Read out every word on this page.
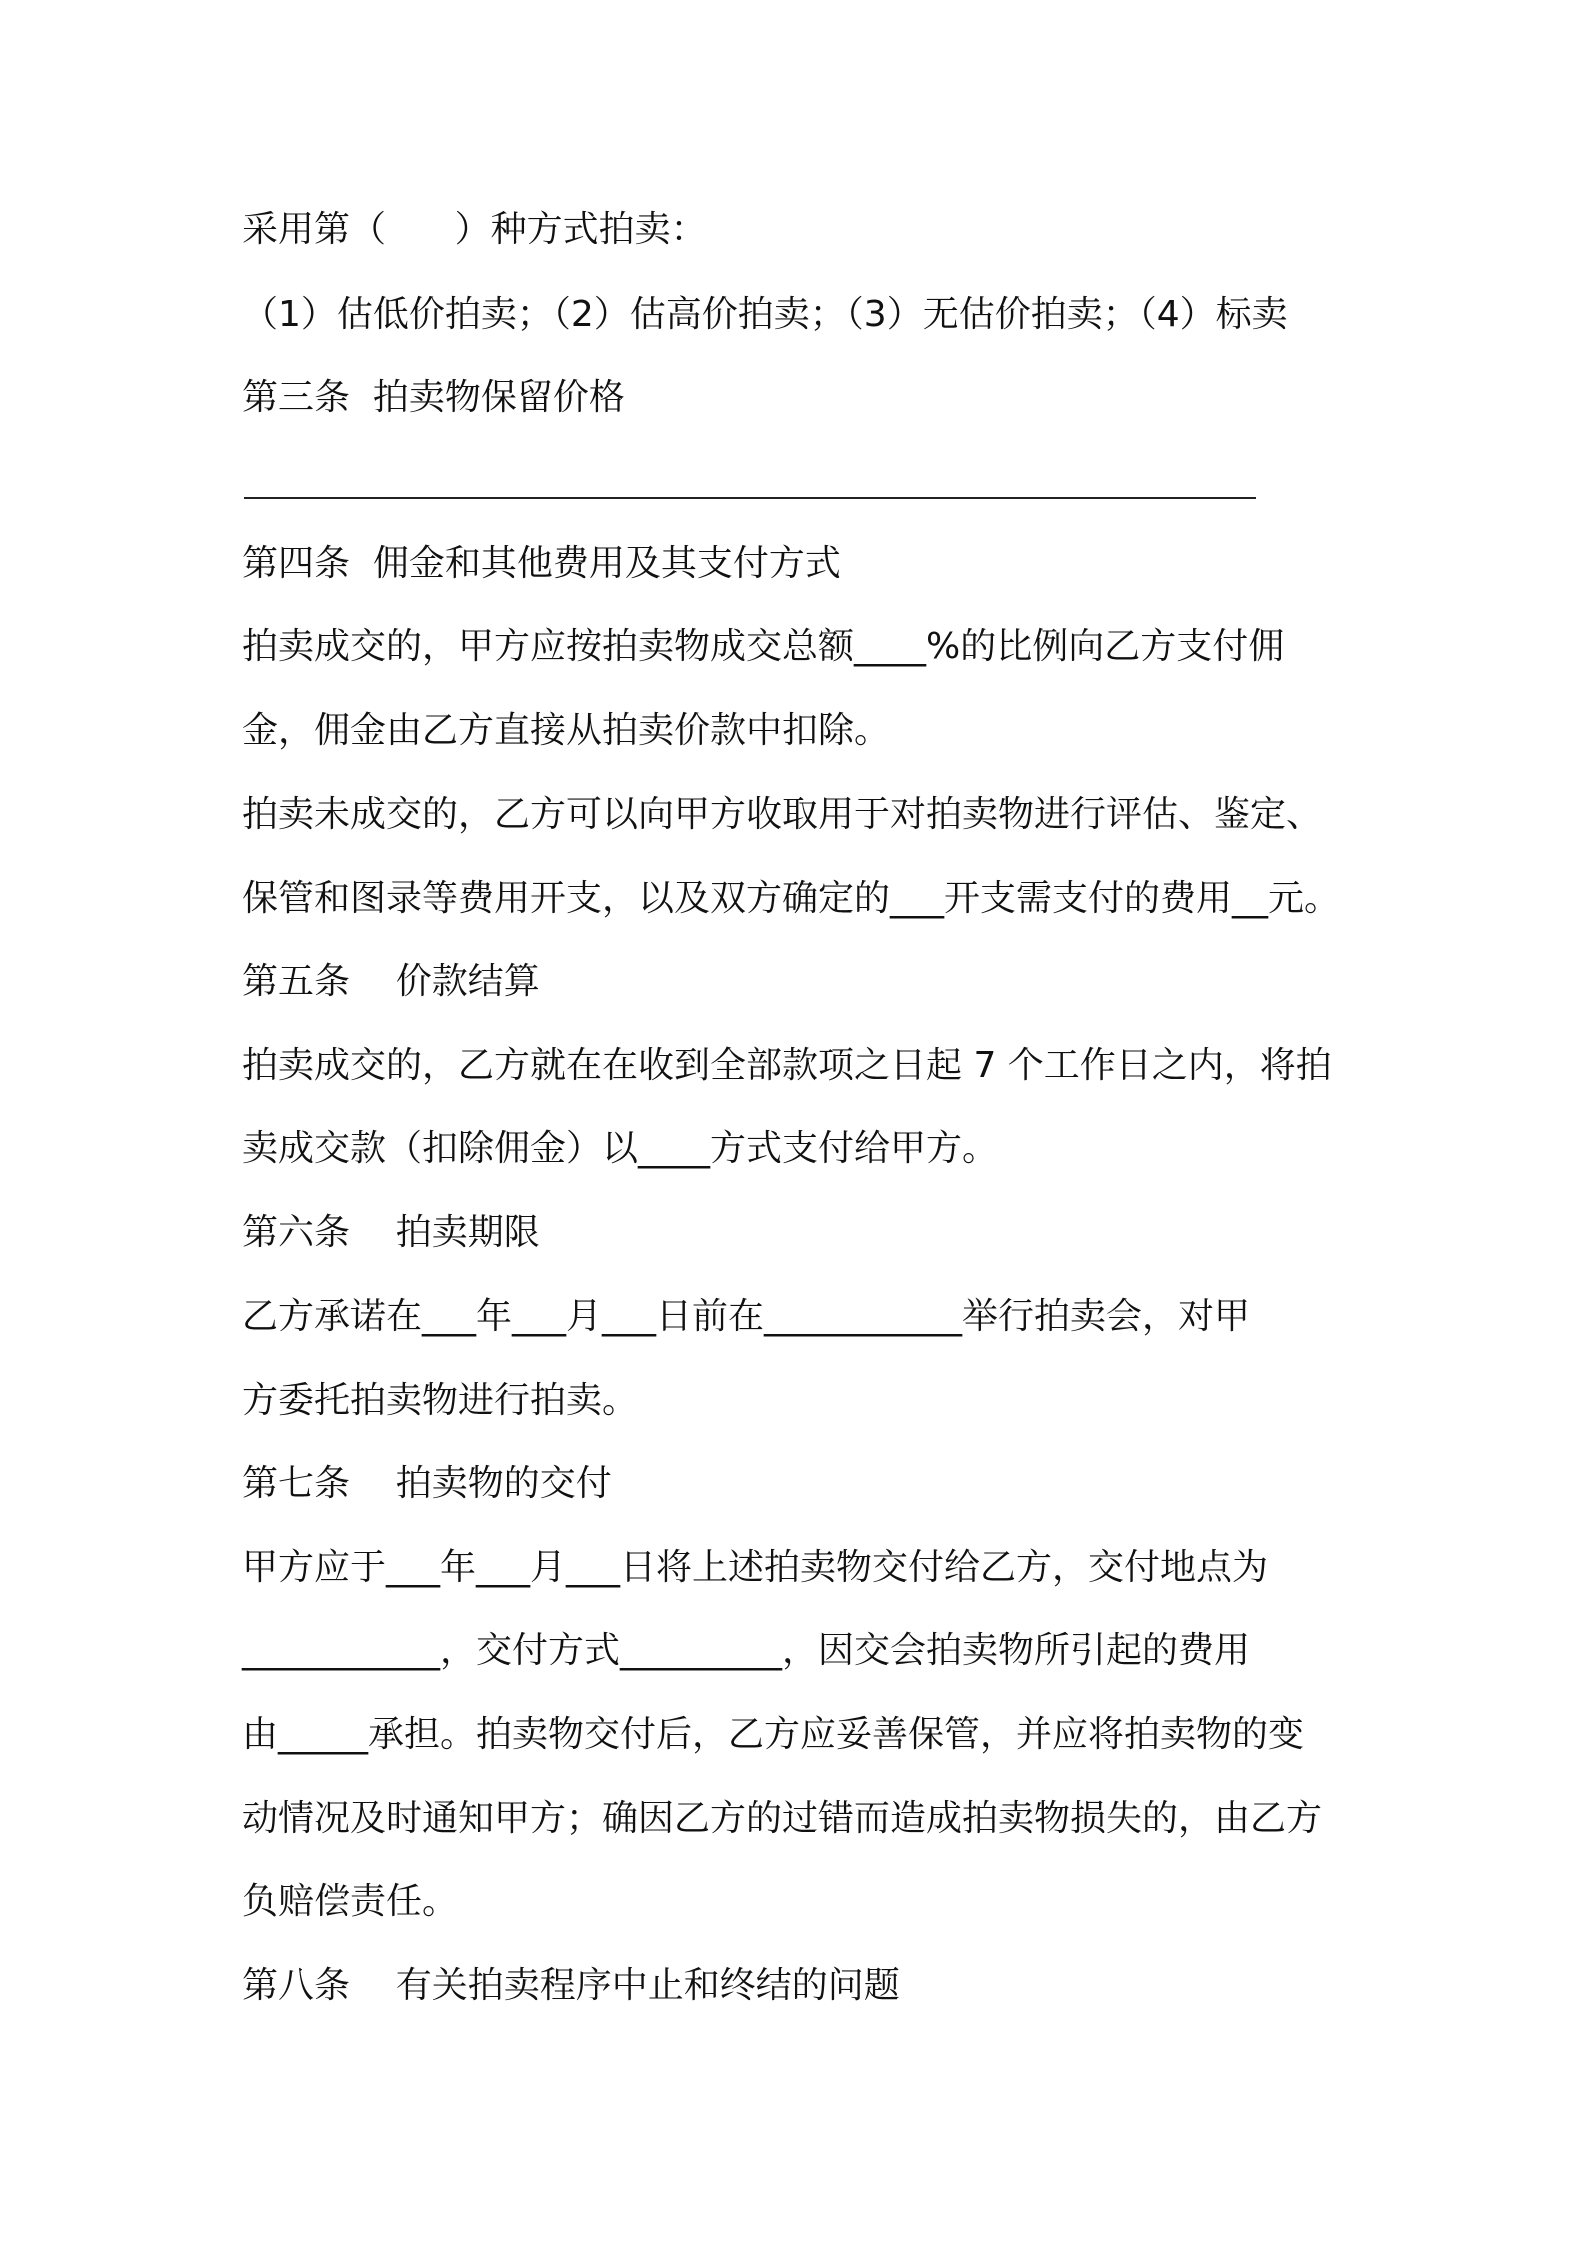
采用第（      ）种方式拍卖：

（1）估低价拍卖；（2）估高价拍卖；（3）无估价拍卖；（4）标卖

第三条  拍卖物保留价格

第四条  佣金和其他费用及其支付方式

拍卖成交的，甲方应按拍卖物成交总额____%的比例向乙方支付佣

金，佣金由乙方直接从拍卖价款中扣除。

拍卖未成交的，乙方可以向甲方收取用于对拍卖物进行评估、鉴定、

保管和图录等费用开支，以及双方确定的___开支需支付的费用__元。

第五条    价款结算

拍卖成交的，乙方就在在收到全部款项之日起 7 个工作日之内，将拍

卖成交款（扣除佣金）以____方式支付给甲方。

第六条    拍卖期限

乙方承诺在___年___月___日前在___________举行拍卖会，对甲

方委托拍卖物进行拍卖。

第七条    拍卖物的交付

甲方应于___年___月___日将上述拍卖物交付给乙方，交付地点为

___________，交付方式_________，因交会拍卖物所引起的费用

由_____承担。拍卖物交付后，乙方应妥善保管，并应将拍卖物的变

动情况及时通知甲方；确因乙方的过错而造成拍卖物损失的，由乙方

负赔偿责任。

第八条    有关拍卖程序中止和终结的问题
